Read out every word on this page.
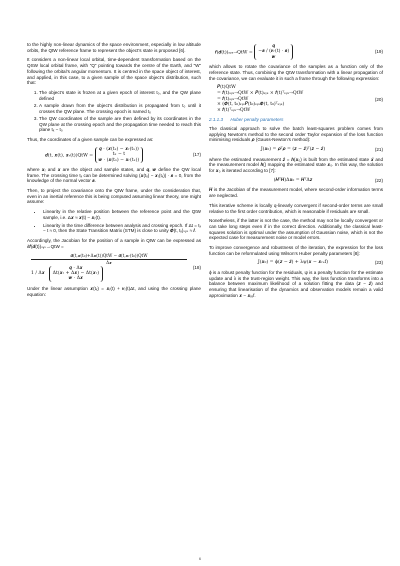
to the highly non-linear dynamics of the space environment, especially in low altitude orbits, the QtW reference frame to represent the object’s state is proposed [6].

It considers a non-linear local orbital, time-dependent transformation based on the QSW local orbital frame, with “Q” pointing towards the centre of the Earth, and “W” following the orbital’s angular momentum. It is centred in the space object of interest, and applied, in this case, to a given sample of the space object’s distribution, such that:

1. The object’s state is frozen at a given epoch of interest t₀, and the QW plane defined
2. A sample drawn from the object’s distribution is propagated from t₀ until it crosses the QW plane. The crossing epoch is named tₓ
3. The QW coordinates of the sample are then defined by its coordinates in the QW plane at the crossing epoch and the propagation time needed to reach this plane tₓ − t₀

Thus, the coordinates of a given sample can be expressed as:

𝒅(t, 𝒙(t), 𝒙ᵣ(t))QtW = 𝒒 · (𝒙(tₓ) − 𝒙ᵣ(tₓ))
tₓ − t
𝒘 · (𝒙(tₓ) − 𝒙ᵣ(tₓ))
(17)

where 𝒙ᵣ and 𝒙 are the object and sample states, and 𝒒, 𝒘 define the QW local frame. The crossing time tₓ can be determined solving (𝒙(tₓ) − 𝒙ᵣ(tₓ)) · 𝒔 = 0, from the knowledge of the normal vector 𝒔.

Then, to project the covariance onto the QtW frame, under the consideration that, even in an inertial reference this is being computed assuming linear theory, one might assume:

• Linearity in the relative position between the reference point and the QtW sample, i.e. Δ𝒙 ≈ 𝒙(t) − 𝒙ᵣ(t).
• Linearity in the time difference between analysis and crossing epoch. If Δt = tₓ − t ≈ 0, then the State Transition Matrix (STM) is close to unity 𝜱(t, tₓ)ₛᵧₛ ≈ 𝑰.

Accordingly, the Jacobian for the position of a sample in QtW can be expressed as ∂𝒇(𝒅(t))ₛᵧₛ→QtW =

𝒅(t,𝒙(t₀)+Δ𝒙(t))QtW − 𝒅(t,𝒙ᵣ(t₀))QtW
Δ𝒙
1 / Δ𝒙
𝒒 · Δ𝒙
Δt(𝒙ᵣ + Δ𝒙) − Δt(𝒙ᵣ)
𝒘 · Δ𝒙
(18)

Under the linear assumption 𝒙(tₓ) = 𝒙ᵣ(t) + 𝒗ᵣ(t)Δt, and using the crossing plane equation:

𝒇(𝒅(t))ₛᵧₛ→QtW = 𝒒
−𝒔 / (𝒗ᵣ(t) · 𝒔)
𝒘
(19)

which allows to rotate the covariance of the samples as a function only of the reference state. Thus, combining the QtW transformation with a linear propagation of the covariance, we can evaluate it in such a frame through the following expression:

𝑷(t)QtW
= 𝒇(t)ₛᵧₛ→QtW × 𝑷(t)ₛᵧₛ × 𝒇(t)ᵀₛᵧₛ→QtW
= 𝒇(t)ₛᵧₛ→QtW
× (𝜱(t, t₀)ₛᵧₛ𝑷(t₀)ₛᵧₛ𝜱(t, t₀)ᵀₛᵧₛ)
× 𝒇(t)ᵀₛᵧₛ→QtW
(20)
2.1.1.3 Huber penalty parameters

The classical approach to solve the batch least-squares problem comes from applying Newton’s method to the second order Taylor expansion of the loss function minimising residuals 𝝆 (Gauss-Newton’s method):

J(𝒙₀) = 𝝆ᵀ𝝆 = (𝒛 − 𝒛̂)ᵀ(𝒛 − 𝒛̂)	(21)

where the estimated measurement 𝒛̂ = 𝒉(𝒙₀) is built from the estimated state 𝒙̂ and the measurement model 𝒉() mapping the estimated state 𝒙₀. In this way, the solution for 𝒙₀ is iterated according to [7]:

(𝑯ᵀ𝑯)Δ𝒙₀ = 𝑯ᵀΔ𝒛	(22)

𝑯 is the Jacobian of the measurement model, where second-order information terms are neglected.

This iterative scheme is locally q-linearly convergent if second-order terms are small relative to the first order contribution, which is reasonable if residuals are small.

Nonetheless, if the latter is not the case, the method may not be locally convergent or can take long steps even if in the correct direction. Additionally, the classical least-squares solution is optimal under the assumption of Gaussian noise, which is not the expected case for measurement noise or model errors.

To improve convergence and robustness of the iteration, the expression for the loss function can be reformulated using Wilson’s Huber penalty parameters [8]:

J(𝒙₀) = ϕ(𝒛 − 𝒛̂) + λψ(𝒙 − 𝒙ᵣₑf)	(23)

ϕ is a robust penalty function for the residuals, ψ is a penalty function for the estimate update and λ is the trust-region weight. This way, the loss function transforms into a balance between maximum likelihood of a solution fitting the data (𝒛 − 𝒛̂) and ensuring that linearisation of the dynamics and observation models remain a valid approximation 𝒙 − 𝒙ᵣₑf.

6
